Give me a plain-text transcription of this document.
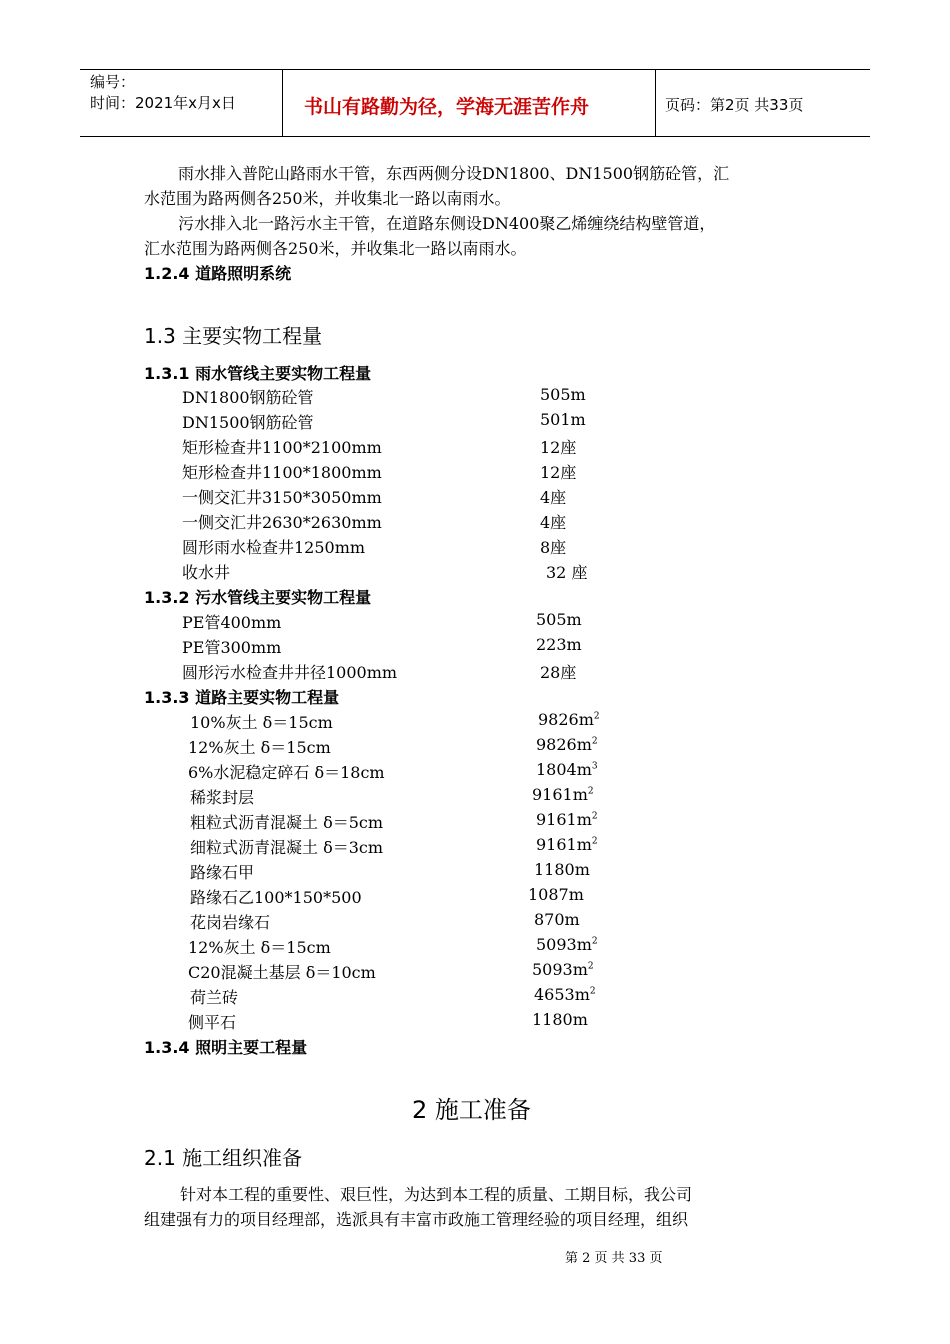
编号：
时间：2021年x月x日	书山有路勤为径，学海无涯苦作舟	页码：第2页 共33页
雨水排入普陀山路雨水干管，东西两侧分设DN1800、DN1500钢筋砼管，汇
水范围为路两侧各250米，并收集北一路以南雨水。
污水排入北一路污水主干管，在道路东侧设DN400聚乙烯缠绕结构壁管道，
汇水范围为路两侧各250米，并收集北一路以南雨水。
1.2.4 道路照明系统
1.3 主要实物工程量
1.3.1 雨水管线主要实物工程量
DN1800钢筋砼管	505m
DN1500钢筋砼管	501m
矩形检查井1100*2100mm	12座
矩形检查井1100*1800mm	12座
一侧交汇井3150*3050mm	4座
一侧交汇井2630*2630mm	4座
圆形雨水检查井1250mm	8座
收水井	32 座
1.3.2 污水管线主要实物工程量
PE管400mm	505m
PE管300mm	223m
圆形污水检查井井径1000mm	28座
1.3.3 道路主要实物工程量
10%灰土 δ＝15cm	$9826m^2$
12%灰土 δ＝15cm	$9826m^2$
6%水泥稳定碎石 δ＝18cm	$1804m^3$
稀浆封层	$9161m^2$
粗粒式沥青混凝土 δ＝5cm	$9161m^2$
细粒式沥青混凝土 δ＝3cm	$9161m^2$
路缘石甲	1180m
路缘石乙100*150*500	1087m
花岗岩缘石	870m
12%灰土 δ＝15cm	$5093m^2$
C20混凝土基层 δ＝10cm	$5093m^2$
荷兰砖	$4653m^2$
侧平石	1180m
1.3.4 照明主要工程量
2 施工准备
2.1 施工组织准备
针对本工程的重要性、艰巨性，为达到本工程的质量、工期目标，我公司
组建强有力的项目经理部，选派具有丰富市政施工管理经验的项目经理，组织
第 2 页 共 33 页
